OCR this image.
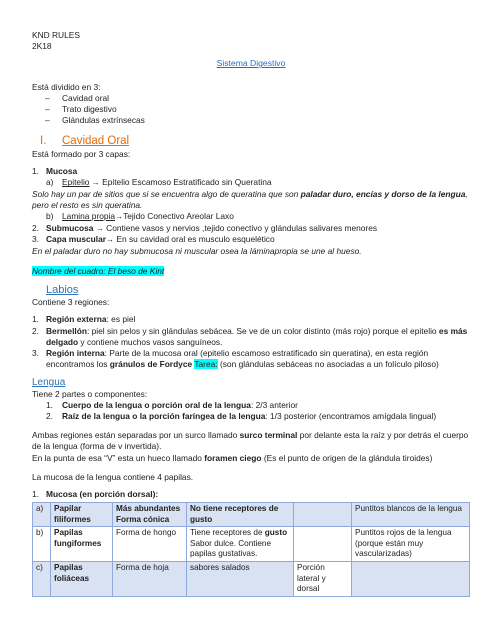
KND RULES
2K18
Sistema Digestivo
Está dividido en 3:
– Cavidad oral
– Trato digestivo
– Glándulas extrínsecas
I. Cavidad Oral
Está formado por 3 capas:
1. Mucosa
a) Epitelio → Epitelio Escamoso Estratificado sin Queratina
Solo hay un par de sitios que si se encuentra algo de queratina que son paladar duro, encías y dorso de la lengua, pero el resto es sin queratina.
b) Lamina propia→Tejido Conectivo Areolar Laxo
2. Submucosa → Contiene vasos y nervios ,tejido conectivo y glándulas salivares menores
3. Capa muscular→ En su cavidad oral es musculo esquelético
En el paladar duro no hay submucosa ni muscular osea la láminapropia se une al hueso.
Nombre del cuadro: El beso de Kint
Labios
Contiene 3 regiones:
1. Región externa: es piel
2. Bermellón: piel sin pelos y sin glándulas sebácea. Se ve de un color distinto (más rojo) porque el epitelio es más delgado y contiene muchos vasos sanguíneos.
3. Región interna: Parte de la mucosa oral (epitelio escamoso estratificado sin queratina), en esta región encontramos los gránulos de Fordyce Tarea: (son glándulas sebáceas no asociadas a un folículo piloso)
Lengua
Tiene 2 partes o componentes:
1. Cuerpo de la lengua o porción oral de la lengua: 2/3 anterior
2. Raíz de la lengua o la porción faríngea de la lengua: 1/3 posterior (encontramos amígdala lingual)
Ambas regiones están separadas por un surco llamado surco terminal por delante esta la raíz y por detrás el cuerpo de la lengua (forma de v invertida).
En la punta de esa “V” esta un hueco llamado foramen ciego (Es el punto de origen de la glándula tiroides)
La mucosa de la lengua contiene 4 papilas.
1. Mucosa (en porción dorsal):
a)	Papilar filiformes	Más abundantes Forma cónica	No tiene receptores de gusto		Puntitos blancos de la lengua
b)	Papilas fungiformes	Forma de hongo	Tiene receptores de gusto Sabor dulce. Contiene papilas gustativas.		Puntitos rojos de la lengua (porque están muy vascularizadas)
c)	Papilas foliáceas	Forma de hoja	sabores salados	Porción lateral y dorsal	
